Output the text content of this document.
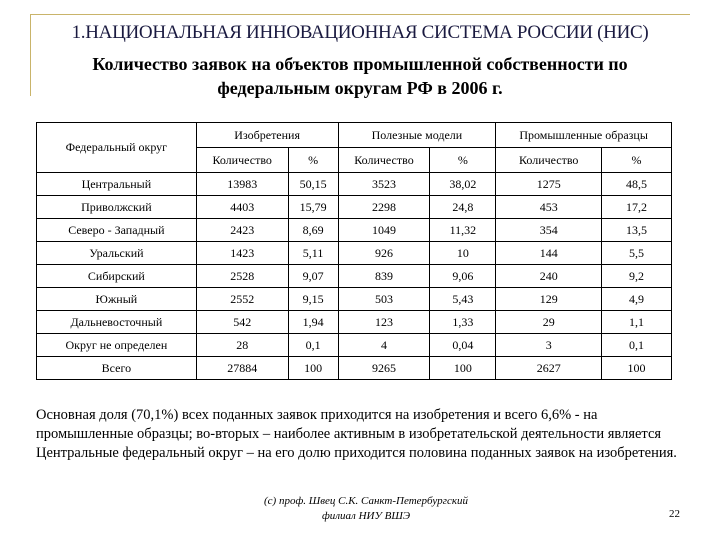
1.НАЦИОНАЛЬНАЯ ИННОВАЦИОННАЯ СИСТЕМА РОССИИ (НИС)
Количество заявок на объектов промышленной собственности по федеральным округам РФ в 2006 г.
Федеральный округ	Изобретения		Полезные модели		Промышленные образцы	
	Количество	%	Количество	%	Количество	%
Центральный	13983	50,15	3523	38,02	1275	48,5
Приволжский	4403	15,79	2298	24,8	453	17,2
Северо - Западный	2423	8,69	1049	11,32	354	13,5
Уральский	1423	5,11	926	10	144	5,5
Сибирский	2528	9,07	839	9,06	240	9,2
Южный	2552	9,15	503	5,43	129	4,9
Дальневосточный	542	1,94	123	1,33	29	1,1
Округ не определен	28	0,1	4	0,04	3	0,1
Всего	27884	100	9265	100	2627	100
Основная доля (70,1%) всех поданных заявок приходится на изобретения и всего 6,6% - на промышленные образцы; во-вторых – наиболее активным в изобретательской деятельности является Центральные федеральный округ – на его долю приходится половина поданных заявок на изобретения.
(с) проф. Швец С.К. Санкт-Петербургский
филиал НИУ ВШЭ	22
